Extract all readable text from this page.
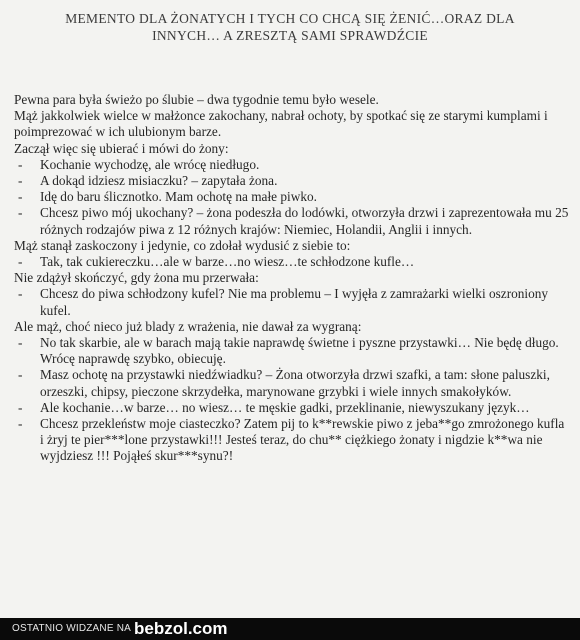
MEMENTO DLA ŻONATYCH I TYCH CO CHCĄ SIĘ ŻENIĆ…ORAZ DLA
INNYCH… A ZRESZTĄ SAMI SPRAWDŹCIE
Pewna para była świeżo po ślubie – dwa tygodnie temu było wesele.
Mąż jakkolwiek wielce w małżonce zakochany, nabrał ochoty, by spotkać się ze starymi kumplami i poimprezować w ich ulubionym barze.
Zaczął więc się ubierać i mówi do żony:
- Kochanie wychodzę, ale wrócę niedługo.
- A dokąd idziesz misiaczku? – zapytała żona.
- Idę do baru ślicznotko. Mam ochotę na małe piwko.
- Chcesz piwo mój ukochany? – żona podeszła do lodówki, otworzyła drzwi i zaprezentowała mu 25 różnych rodzajów piwa z 12 różnych krajów: Niemiec, Holandii, Anglii i innych.
Mąż stanął zaskoczony i jedynie, co zdołał wydusić z siebie to:
- Tak, tak cukiereczku…ale w barze…no wiesz…te schłodzone kufle…
Nie zdążył skończyć, gdy żona mu przerwała:
- Chcesz do piwa schłodzony kufel? Nie ma problemu – I wyjęła z zamrażarki wielki oszroniony kufel.
Ale mąż, choć nieco już blady z wrażenia, nie dawał za wygraną:
- No tak skarbie, ale w barach mają takie naprawdę świetne i pyszne przystawki… Nie będę długo. Wrócę naprawdę szybko, obiecuję.
- Masz ochotę na przystawki niedźwiadku? – Żona otworzyła drzwi szafki, a tam: słone paluszki, orzeszki, chipsy, pieczone skrzydełka, marynowane grzybki i wiele innych smakołyków.
- Ale kochanie…w barze… no wiesz… te męskie gadki, przeklinanie, niewyszukany język…
- Chcesz przekleństw moje ciasteczko? Zatem pij to k**rewskie piwo z jeba**go zmrożonego kufla i żryj te pier***lone przystawki!!! Jesteś teraz, do chu** ciężkiego żonaty i nigdzie k**wa nie wyjdziesz !!! Pojąłeś skur***synu?!
OSTATNIO WIDZANE NA bebzol.com
